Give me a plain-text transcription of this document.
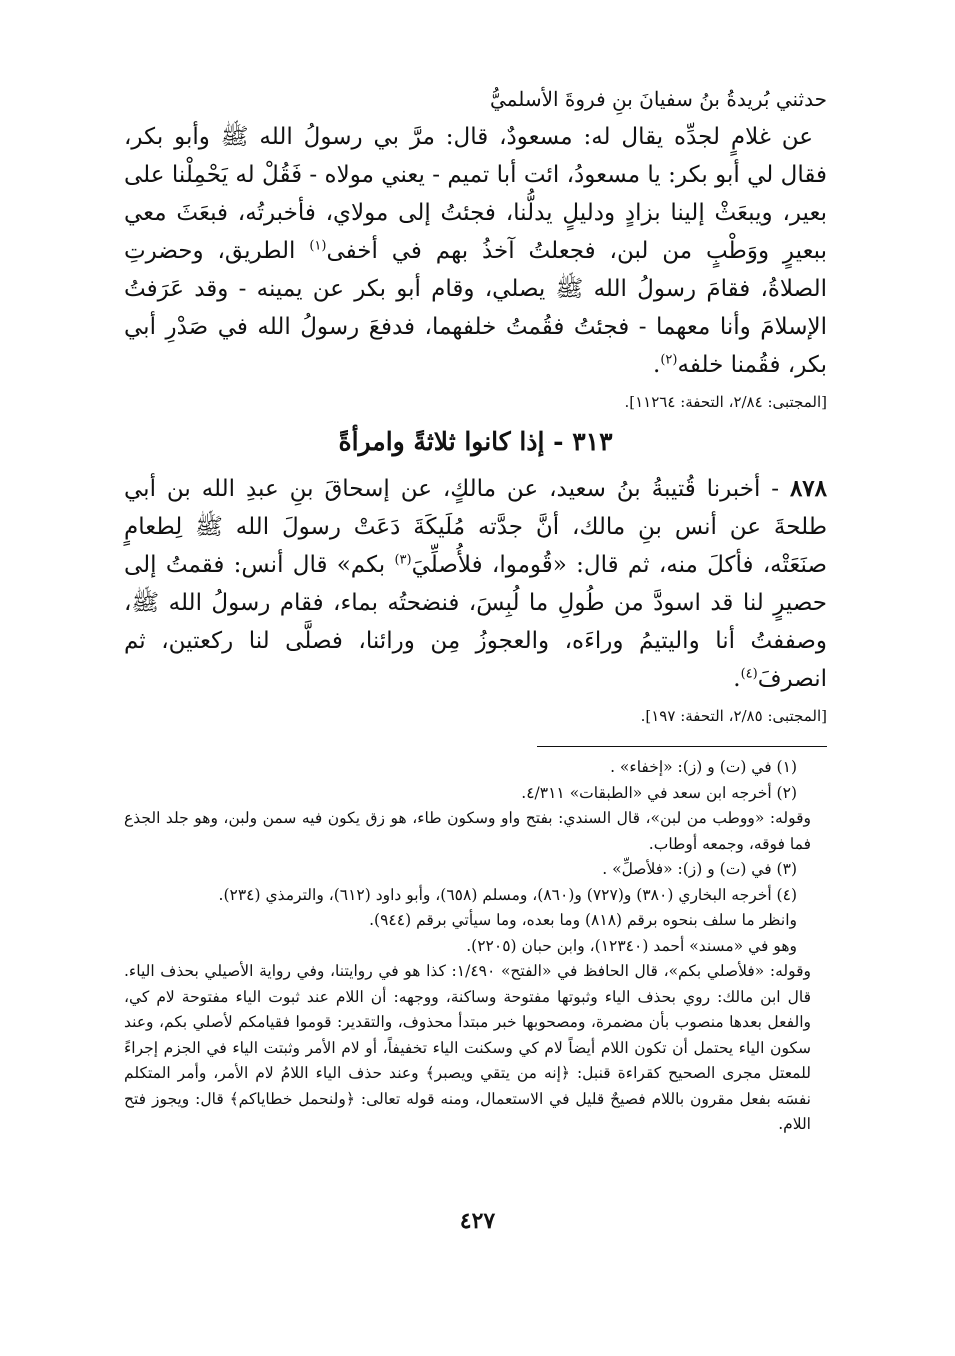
حدثني بُريدةُ بنُ سفيانَ بنِ فروةَ الأسلميُّ

عن غلامٍ لجدِّه يقال له: مسعودٌ، قال: مرَّ بي رسولُ الله ﷺ وأبو بكر، فقال لي أبو بكر: يا مسعودُ، ائت أبا تميم - يعني مولاه - فَقُلْ له يَحْمِلْنا على بعير، ويبعَثْ إلينا بزادٍ ودليلٍ يدلُّنا، فجئتُ إلى مولاي، فأخبرتُه، فبعَثَ معي ببعيرٍ ووَطْبٍ من لبن، فجعلتُ آخذُ بهم في أخفى$^{(١)}$ الطريق، وحضرتِ الصلاةُ، فقامَ رسولُ الله ﷺ يصلي، وقام أبو بكر عن يمينه - وقد عَرَفتُ الإسلامَ وأنا معهما - فجئتُ فقُمتُ خلفهما، فدفعَ رسولُ الله في صَدْرِ أبي بكر، فقُمنا خلفه$^{(٢)}$.

[المجتبى: ٢/٨٤، التحفة: ١١٢٦٤].
٣١٣ - إذا كانوا ثلاثةً وامرأةً

٨٧٨ - أخبرنا قُتيبةُ بنُ سعيد، عن مالكٍ، عن إسحاقَ بنِ عبدِ الله بن أبي طلحةَ عن أنس بنِ مالك، أنَّ جدَّته مُلَيكَةَ دَعَتْ رسولَ الله ﷺ لِطعامٍ صنَعَتْه، فأكلَ منه، ثم قال: «قُوموا، فلأُصلِّيَ$^{(٣)}$ بكم» قال أنس: فقمتُ إلى حصيرٍ لنا قد اسودَّ من طُولِ ما لُبِسَ، فنضحتُه بماء، فقام رسولُ الله ﷺ، وصففتُ أنا واليتيمُ وراءَه، والعجوزُ مِن ورائنا، فصلَّى لنا ركعتين، ثم انصرفَ$^{(٤)}$.

[المجتبى: ٢/٨٥، التحفة: ١٩٧].

(١) في (ت) و (ز): «إخفاء» .

(٢) أخرجه ابن سعد في «الطبقات» ٤/٣١١.

وقوله: «ووطب من لبن»، قال السندي: بفتح واو وسكون طاء، هو زق يكون فيه سمن ولبن، وهو جلد الجذع فما فوقه، وجمعه أوطاب.

(٣) في (ت) و (ز): «فلأصلِّ» .

(٤) أخرجه البخاري (٣٨٠) و(٧٢٧) و(٨٦٠)، ومسلم (٦٥٨)، وأبو داود (٦١٢)، والترمذي (٢٣٤).

وانظر ما سلف بنحوه برقم (٨١٨) وما بعده، وما سيأتي برقم (٩٤٤).

وهو في «مسند» أحمد (١٢٣٤٠)، وابن حبان (٢٢٠٥).

وقوله: «فلأصلي بكم»، قال الحافظ في «الفتح» ١/٤٩٠: كذا هو في روايتنا، وفي رواية الأصيلي بحذف الياء. قال ابن مالك: روي بحذف الياء وثبوتها مفتوحة وساكنة، ووجهه: أن اللام عند ثبوت الياء مفتوحة لام كي، والفعل بعدها منصوب بأن مضمرة، ومصحوبها خبر مبتدأ محذوف، والتقدير: قوموا فقيامكم لأصلي بكم، وعند سكون الياء يحتمل أن تكون اللام أيضاً لام كي وسكنت الياء تخفيفاً، أو لام الأمر وثبتت الياء في الجزم إجراءً للمعتل مجرى الصحيح كقراءة قنبل: ﴿إنه من يتقي ويصبر﴾ وعند حذف الياء اللامُ لام الأمر، وأمر المتكلم نفسَه بفعل مقرون باللام فصيحٌ قليل في الاستعمال، ومنه قوله تعالى: ﴿ولنحمل خطاياكم﴾ قال: ويجوز فتح اللام.

٤٢٧
